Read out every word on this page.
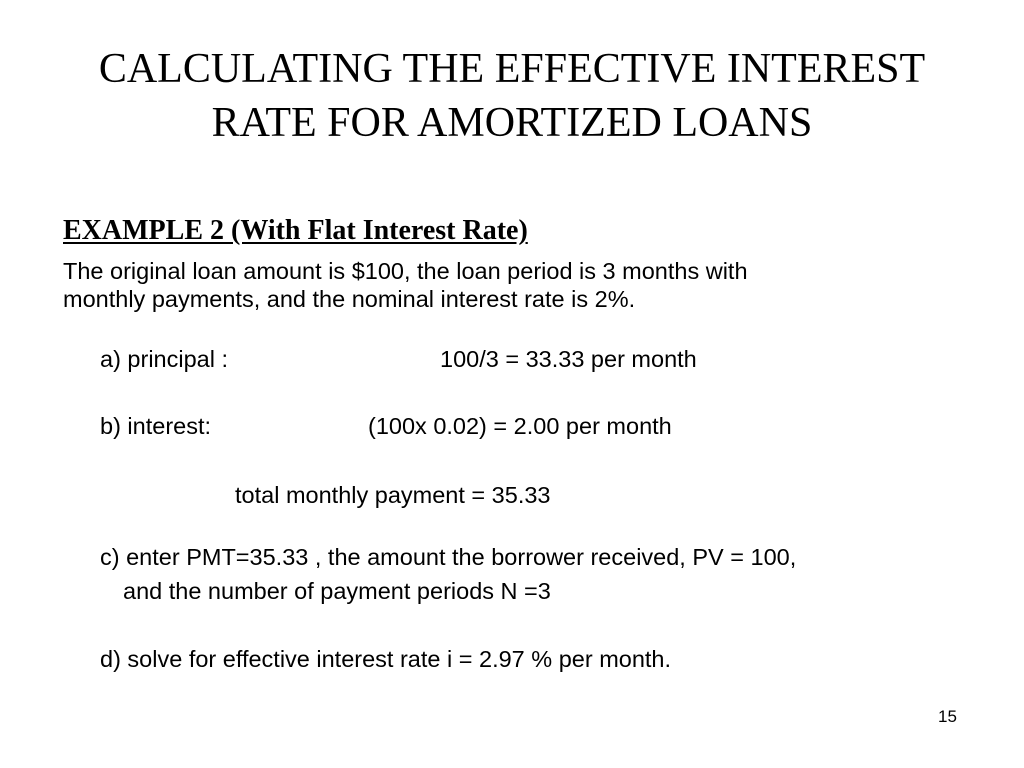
CALCULATING THE EFFECTIVE INTEREST
RATE FOR AMORTIZED LOANS
EXAMPLE 2 (With Flat Interest Rate)
The original loan amount is $100, the loan period is 3 months with
monthly payments, and the nominal interest rate is 2%.
a) principal :	100/3 = 33.33 per month
b) interest:	(100x 0.02) = 2.00 per month
total monthly payment = 35.33
c) enter PMT=35.33 , the amount the borrower received, PV = 100,
and the number of payment periods N =3
d) solve for effective interest rate i = 2.97 % per month.
15
